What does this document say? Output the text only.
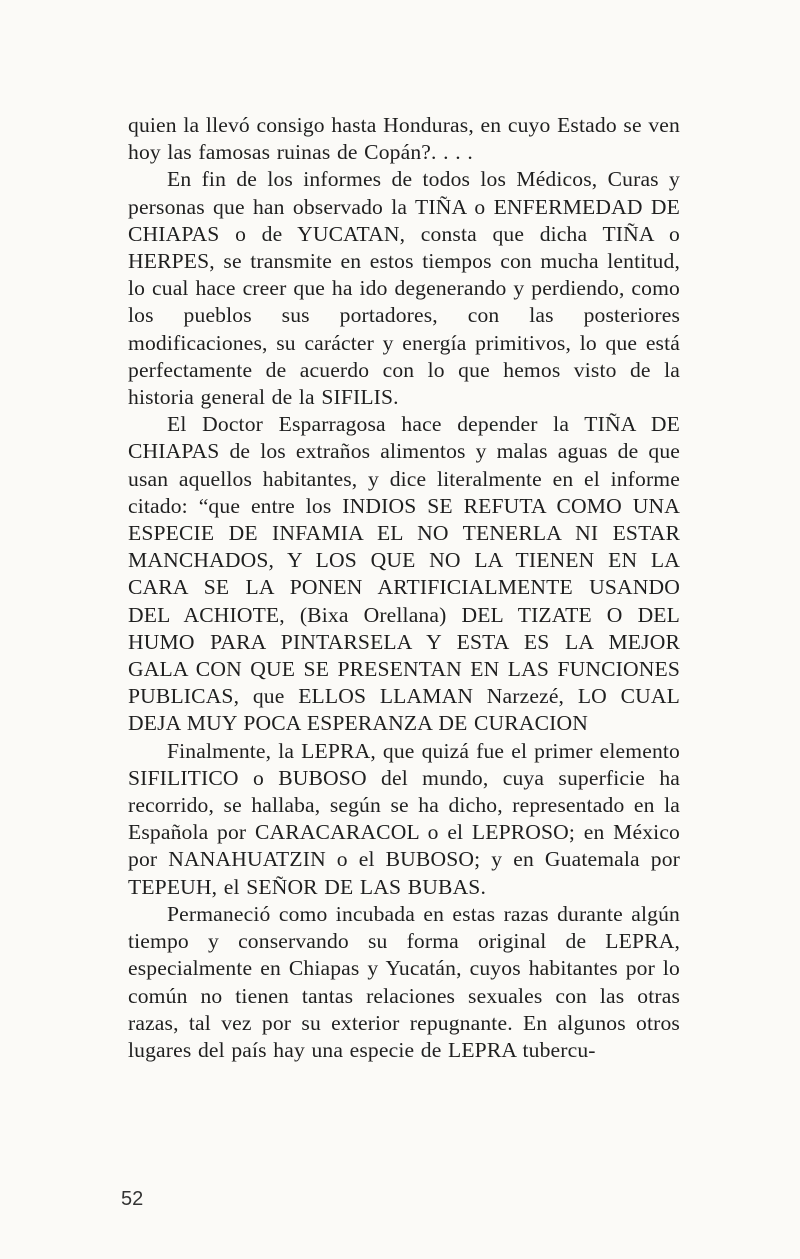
quien la llevó consigo hasta Honduras, en cuyo Estado se ven hoy las famosas ruinas de Copán?. . . .

En fin de los informes de todos los Médicos, Curas y personas que han observado la TIÑA o ENFERMEDAD DE CHIAPAS o de YUCATAN, consta que dicha TIÑA o HERPES, se transmite en estos tiempos con mucha lentitud, lo cual hace creer que ha ido degenerando y perdiendo, como los pueblos sus portadores, con las posteriores modificaciones, su carácter y energía primitivos, lo que está perfectamente de acuerdo con lo que hemos visto de la historia general de la SIFILIS.

El Doctor Esparragosa hace depender la TIÑA DE CHIAPAS de los extraños alimentos y malas aguas de que usan aquellos habitantes, y dice literalmente en el informe citado: “que entre los INDIOS SE REFUTA COMO UNA ESPECIE DE INFAMIA EL NO TENERLA NI ESTAR MANCHADOS, Y LOS QUE NO LA TIENEN EN LA CARA SE LA PONEN ARTIFICIALMENTE USANDO DEL ACHIOTE, (Bixa Orellana) DEL TIZATE O DEL HUMO PARA PINTARSELA Y ESTA ES LA MEJOR GALA CON QUE SE PRESENTAN EN LAS FUNCIONES PUBLICAS, que ELLOS LLAMAN Narzezé, LO CUAL DEJA MUY POCA ESPERANZA DE CURACION

Finalmente, la LEPRA, que quizá fue el primer elemento SIFILITICO o BUBOSO del mundo, cuya superficie ha recorrido, se hallaba, según se ha dicho, representado en la Española por CARACARACOL o el LEPROSO; en México por NANAHUATZIN o el BUBOSO; y en Guatemala por TEPEUH, el SEÑOR DE LAS BUBAS.

Permaneció como incubada en estas razas durante algún tiempo y conservando su forma original de LEPRA, especialmente en Chiapas y Yucatán, cuyos habitantes por lo común no tienen tantas relaciones sexuales con las otras razas, tal vez por su exterior repugnante. En algunos otros lugares del país hay una especie de LEPRA tubercu-

52
